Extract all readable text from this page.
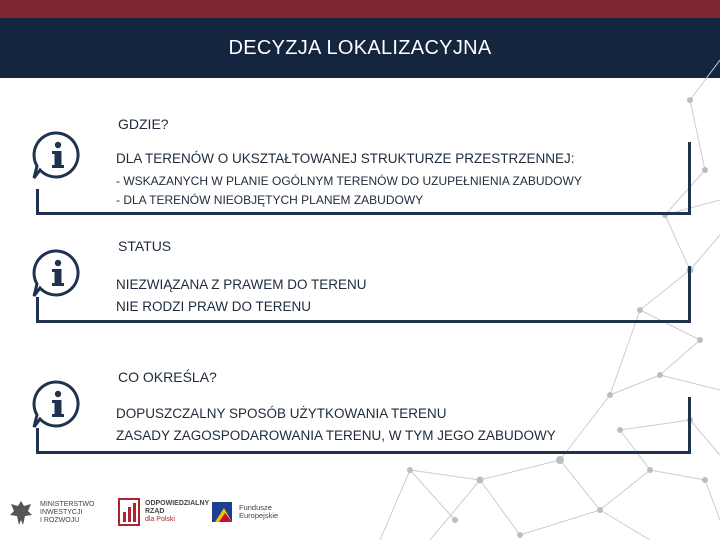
DECYZJA LOKALIZACYJNA
GDZIE?
DLA TERENÓW O UKSZTAŁTOWANEJ STRUKTURZE PRZESTRZENNEJ:
- WSKAZANYCH W PLANIE OGÓLNYM TERENÓW DO UZUPEŁNIENIA ZABUDOWY
- DLA TERENÓW NIEOBJĘTYCH PLANEM ZABUDOWY
STATUS
NIEZWIĄZANA Z PRAWEM DO TERENU
NIE RODZI PRAW DO TERENU
CO OKREŚLA?
DOPUSZCZALNY SPOSÓB UŻYTKOWANIA TERENU
ZASADY ZAGOSPODAROWANIA TERENU, W TYM JEGO ZABUDOWY
MINISTERSTWO
INWESTYCJI
I ROZWOJU
ODPOWIEDZIALNY
RZĄD
dla Polski
Fundusze
Europejskie
